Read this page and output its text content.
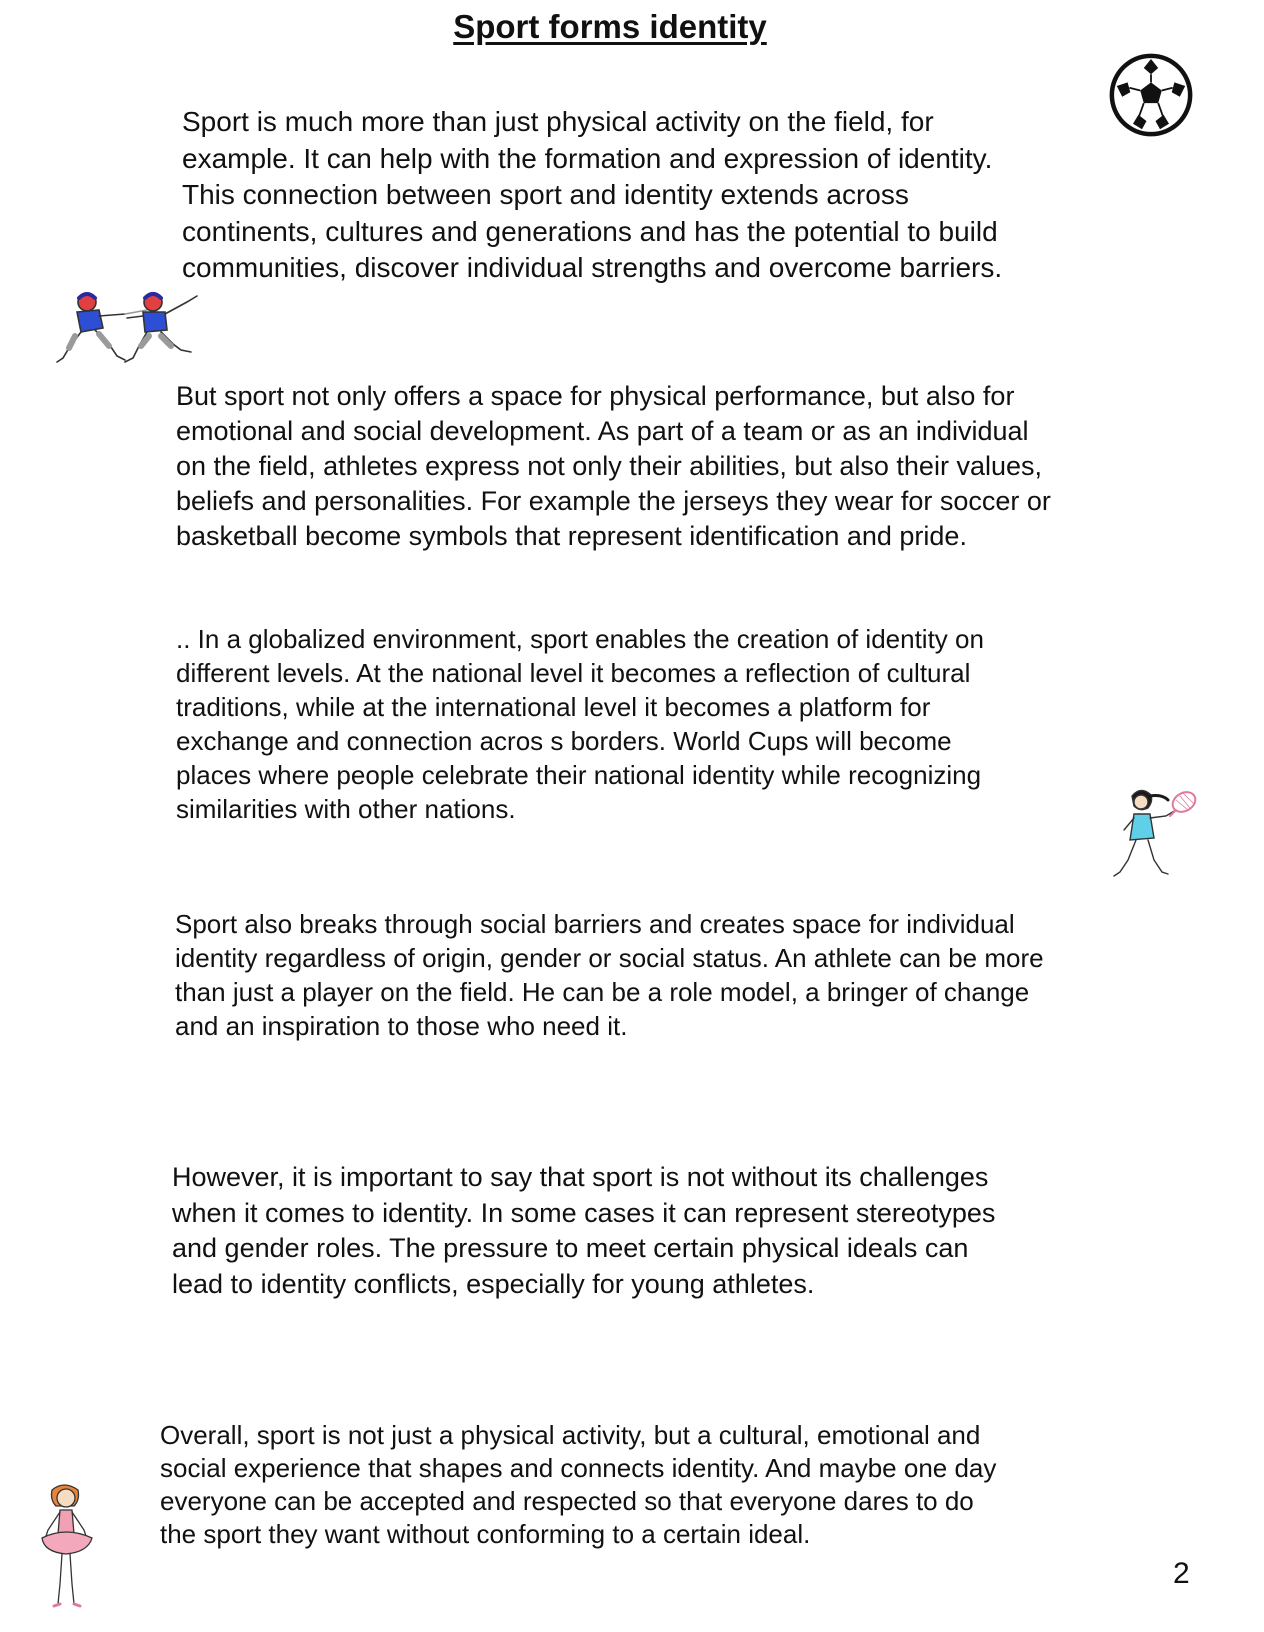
Sport forms identity

Sport is much more than just physical activity on the field, for
example. It can help with the formation and expression of identity.
This connection between sport and identity extends across
continents, cultures and generations and has the potential to build
communities, discover individual strengths and overcome barriers.

But sport not only offers a space for physical performance, but also for
emotional and social development. As part of a team or as an individual
on the field, athletes express not only their abilities, but also their values,
beliefs and personalities. For example the jerseys they wear for soccer or
basketball become symbols that represent identification and pride.

.. In a globalized environment, sport enables the creation of identity on
different levels. At the national level it becomes a reflection of cultural
traditions, while at the international level it becomes a platform for
exchange and connection acros s borders. World Cups will become
places where people celebrate their national identity while recognizing
similarities with other nations.

Sport also breaks through social barriers and creates space for individual
identity regardless of origin, gender or social status. An athlete can be more
than just a player on the field. He can be a role model, a bringer of change
and an inspiration to those who need it.

However, it is important to say that sport is not without its challenges
when it comes to identity. In some cases it can represent stereotypes
and gender roles. The pressure to meet certain physical ideals can
lead to identity conflicts, especially for young athletes.

Overall, sport is not just a physical activity, but a cultural, emotional and
social experience that shapes and connects identity. And maybe one day
everyone can be accepted and respected so that everyone dares to do
the sport they want without conforming to a certain ideal.

2
